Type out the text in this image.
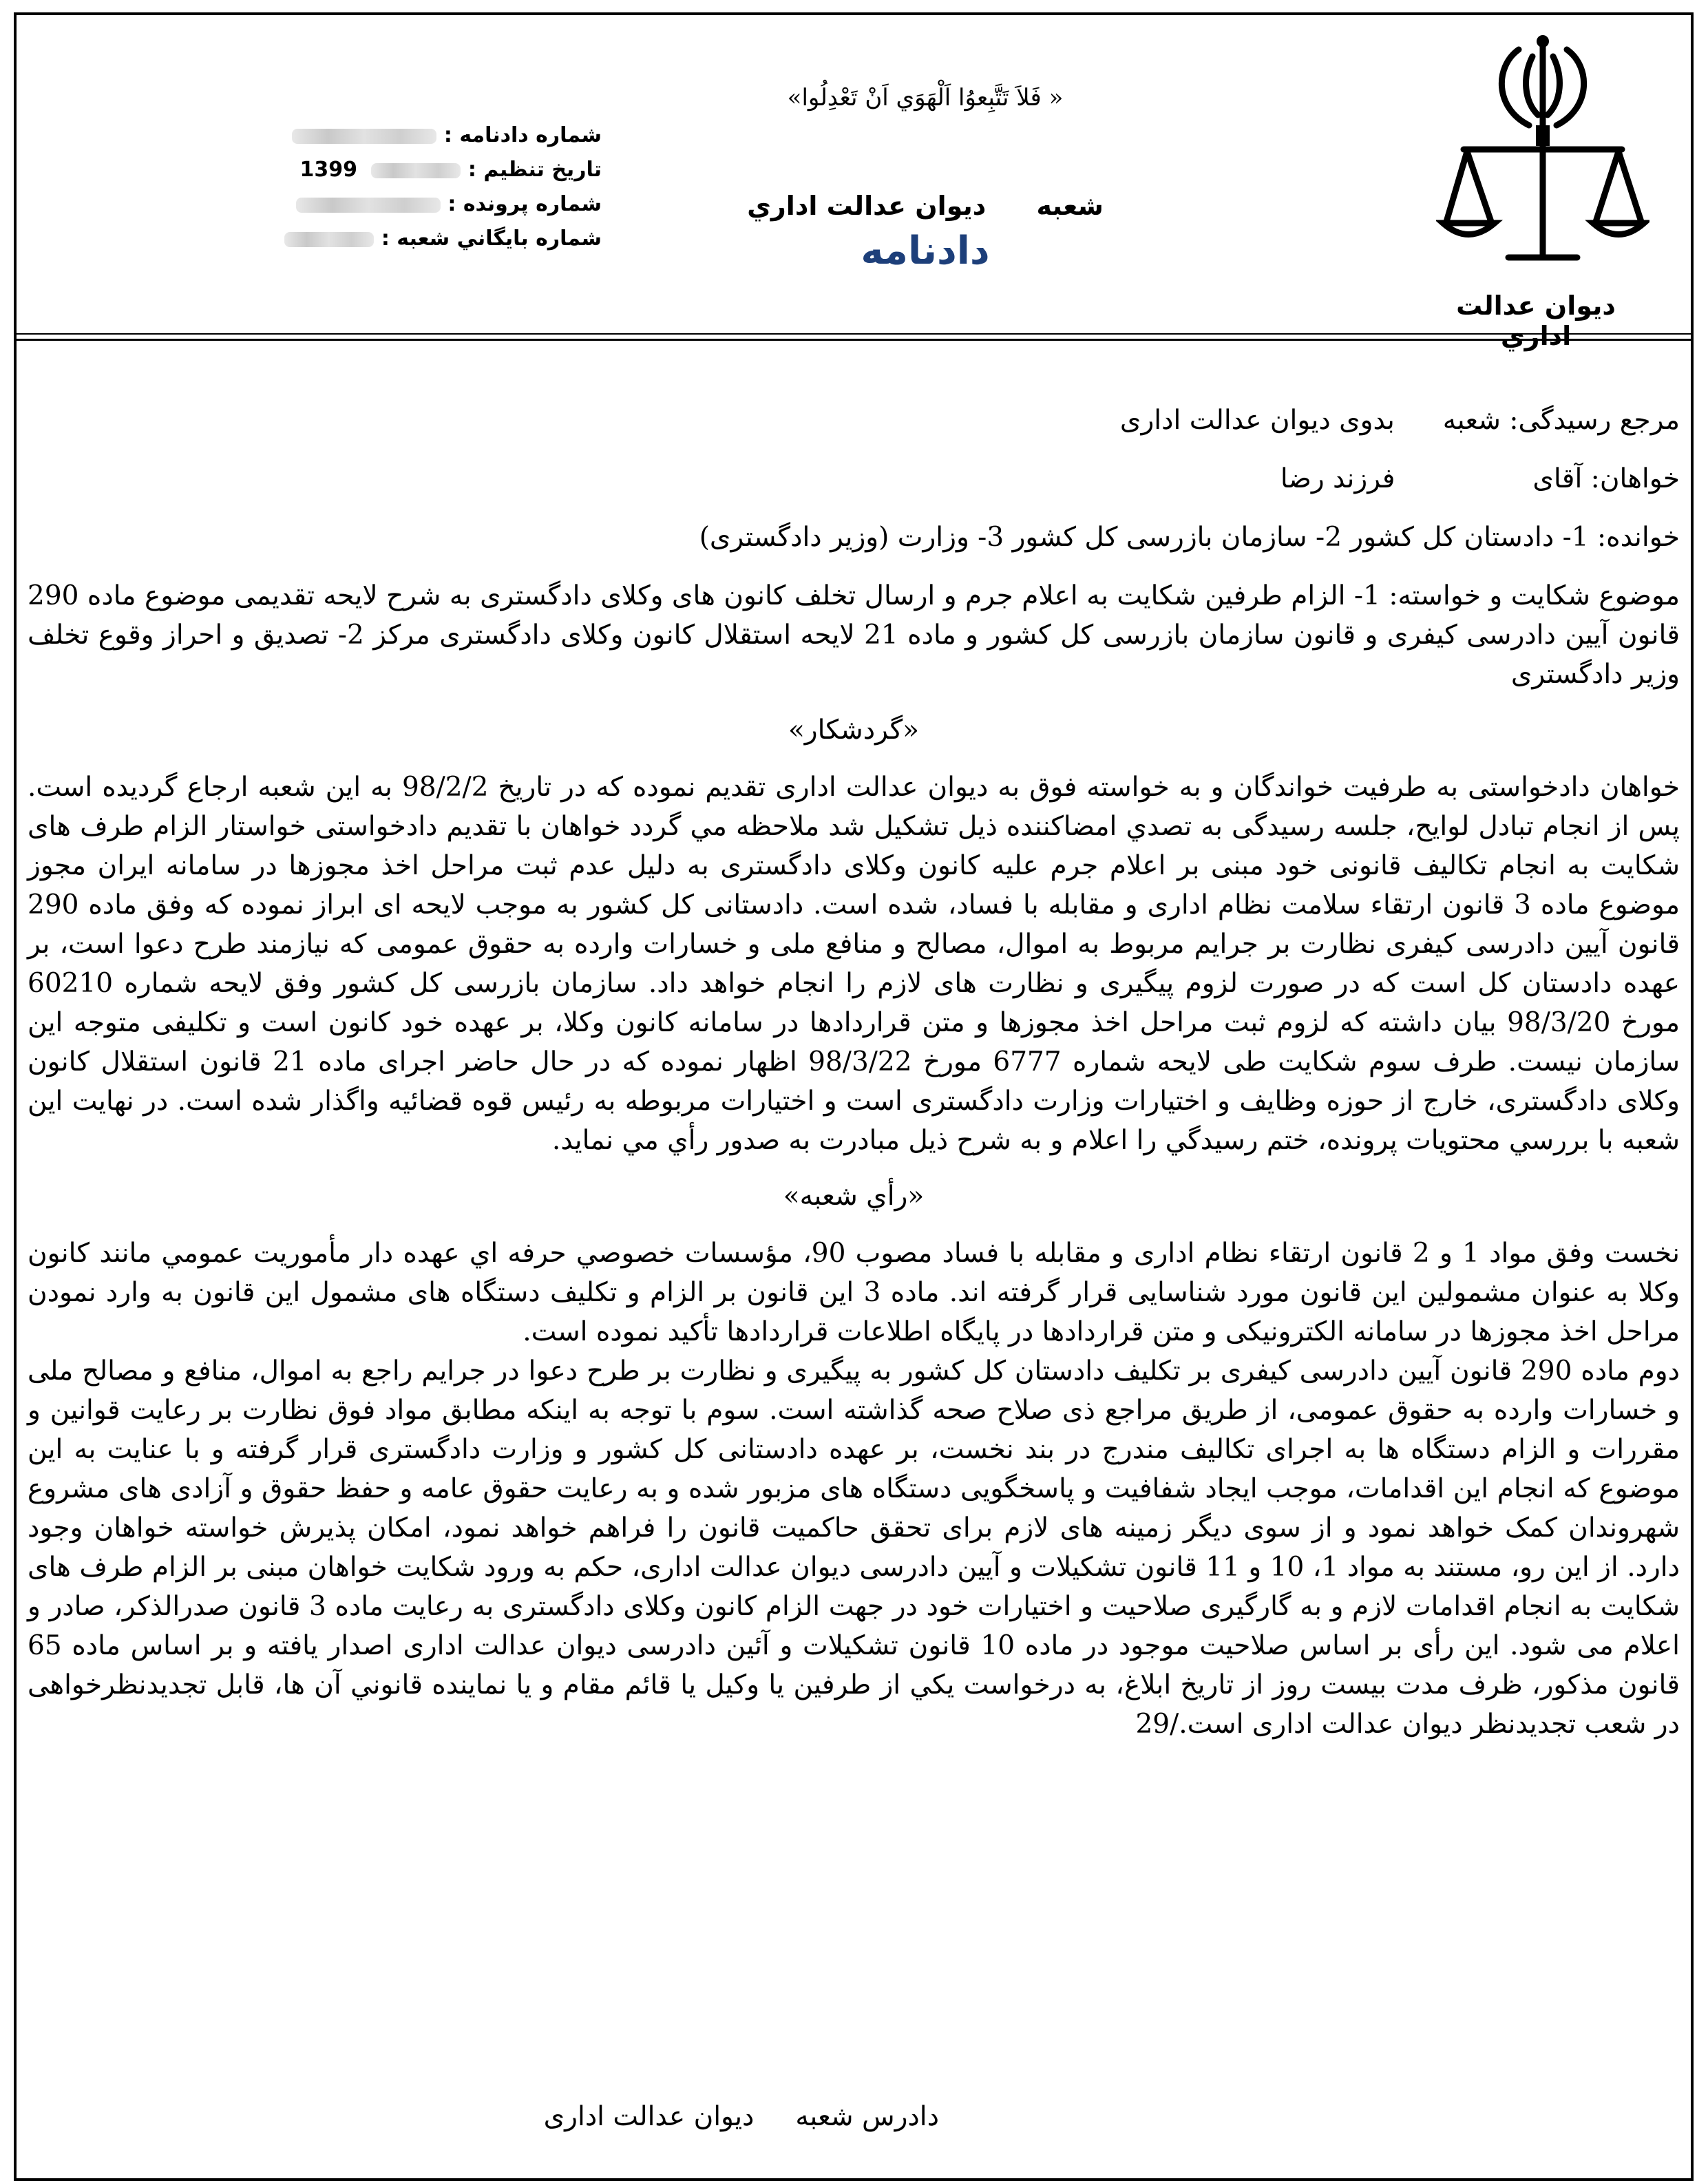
ديوان عدالت اداري
«فَلاَ تَتَّبِعوُا اَلْهَوَي اَنْ تَعْدِلُوا »
شعبه ديوان عدالت اداري
دادنامه
شماره دادنامه :
تاريخ تنظيم :  1399
شماره پرونده :
شماره بايگاني شعبه :
مرجع رسیدگی: شعبهبدوی دیوان عدالت اداری
خواهان: آقایفرزند رضا
خوانده: 1- دادستان کل کشور 2- سازمان بازرسی کل کشور 3- وزارت (وزیر دادگستری)
موضوع شکایت و خواسته: 1- الزام طرفین شکایت به اعلام جرم و ارسال تخلف کانون های وکلای دادگستری به شرح لایحه تقدیمی موضوع ماده 290 قانون آیین دادرسی کیفری و قانون سازمان بازرسی کل کشور و ماده 21 لایحه استقلال کانون وکلای دادگستری مرکز 2- تصدیق و احراز وقوع تخلف وزیر دادگستری
«گردشکار»
خواهان دادخواستی به طرفیت خواندگان و به خواسته فوق به دیوان عدالت اداری تقدیم نموده که در تاریخ 98/2/2 به این شعبه ارجاع گردیده است. پس از انجام تبادل لوایح، جلسه رسیدگی به تصدي امضاكننده ذيل تشکیل شد ملاحظه مي گردد خواهان با تقدیم دادخواستی خواستار الزام طرف های شکایت به انجام تکالیف قانونی خود مبنی بر اعلام جرم علیه کانون وکلای دادگستری به دلیل عدم ثبت مراحل اخذ مجوزها در سامانه ایران مجوز موضوع ماده 3 قانون ارتقاء سلامت نظام اداری و مقابله با فساد، شده است. دادستانی کل کشور به موجب لایحه ای ابراز نموده که وفق ماده 290 قانون آیین دادرسی کیفری نظارت بر جرایم مربوط به اموال، مصالح و منافع ملی و خسارات وارده به حقوق عمومی که نیازمند طرح دعوا است، بر عهده دادستان کل است که در صورت لزوم پیگیری و نظارت های لازم را انجام خواهد داد. سازمان بازرسی کل کشور وفق لایحه شماره 60210 مورخ 98/3/20 بیان داشته که لزوم ثبت مراحل اخذ مجوزها و متن قراردادها در سامانه کانون وکلا، بر عهده خود کانون است و تکلیفی متوجه این سازمان نیست. طرف سوم شکایت طی لایحه شماره 6777 مورخ 98/3/22 اظهار نموده که در حال حاضر اجرای ماده 21 قانون استقلال کانون وکلای دادگستری، خارج از حوزه وظایف و اختیارات وزارت دادگستری است و اختیارات مربوطه به رئیس قوه قضائیه واگذار شده است. در نهایت این شعبه با بررسي محتويات پرونده، ختم رسيدگي را اعلام و به شرح ذيل مبادرت به صدور رأي مي نمايد.
«رأي شعبه»
نخست وفق مواد 1 و 2 قانون ارتقاء نظام اداری و مقابله با فساد مصوب 90، مؤسسات خصوصي حرفه اي عهده دار مأموريت عمومي مانند کانون وکلا به عنوان مشمولین این قانون مورد شناسایی قرار گرفته اند. ماده 3 این قانون بر الزام و تکلیف دستگاه های مشمول این قانون به وارد نمودن مراحل اخذ مجوزها در سامانه الکترونیکی و متن قراردادها در پایگاه اطلاعات قراردادها تأکید نموده است.
دوم ماده 290 قانون آیین دادرسی کیفری بر تکلیف دادستان کل کشور به پیگیری و نظارت بر طرح دعوا در جرایم راجع به اموال، منافع و مصالح ملی و خسارات وارده به حقوق عمومی، از طریق مراجع ذی صلاح صحه گذاشته است. سوم با توجه به اینکه مطابق مواد فوق نظارت بر رعایت قوانین و مقررات و الزام دستگاه ها به اجرای تکالیف مندرج در بند نخست، بر عهده دادستانی کل کشور و وزارت دادگستری قرار گرفته و با عنایت به این موضوع که انجام این اقدامات، موجب ایجاد شفافیت و پاسخگویی دستگاه های مزبور شده و به رعایت حقوق عامه و حفظ حقوق و آزادی های مشروع شهروندان کمک خواهد نمود و از سوی دیگر زمینه های لازم برای تحقق حاکمیت قانون را فراهم خواهد نمود، امکان پذیرش خواسته خواهان وجود دارد. از این رو، مستند به مواد 1، 10 و 11 قانون تشکیلات و آیین دادرسی دیوان عدالت اداری، حکم به ورود شکایت خواهان مبنی بر الزام طرف های شکایت به انجام اقدامات لازم و به گارگیری صلاحیت و اختیارات خود در جهت الزام کانون وکلای دادگستری به رعایت ماده 3 قانون صدرالذکر، صادر و اعلام می شود. این رأی بر اساس صلاحیت موجود در ماده 10 قانون تشکیلات و آئین دادرسی دیوان عدالت اداری اصدار یافته و بر اساس ماده 65 قانون مذکور، ظرف مدت بيست روز از تاريخ ابلاغ، به درخواست يكي از طرفين يا وكيل يا قائم مقام و يا نماينده قانوني آن ها، قابل تجدیدنظرخواهی در شعب تجدیدنظر دیوان عدالت اداری است./29
دادرس شعبهدیوان عدالت اداری
